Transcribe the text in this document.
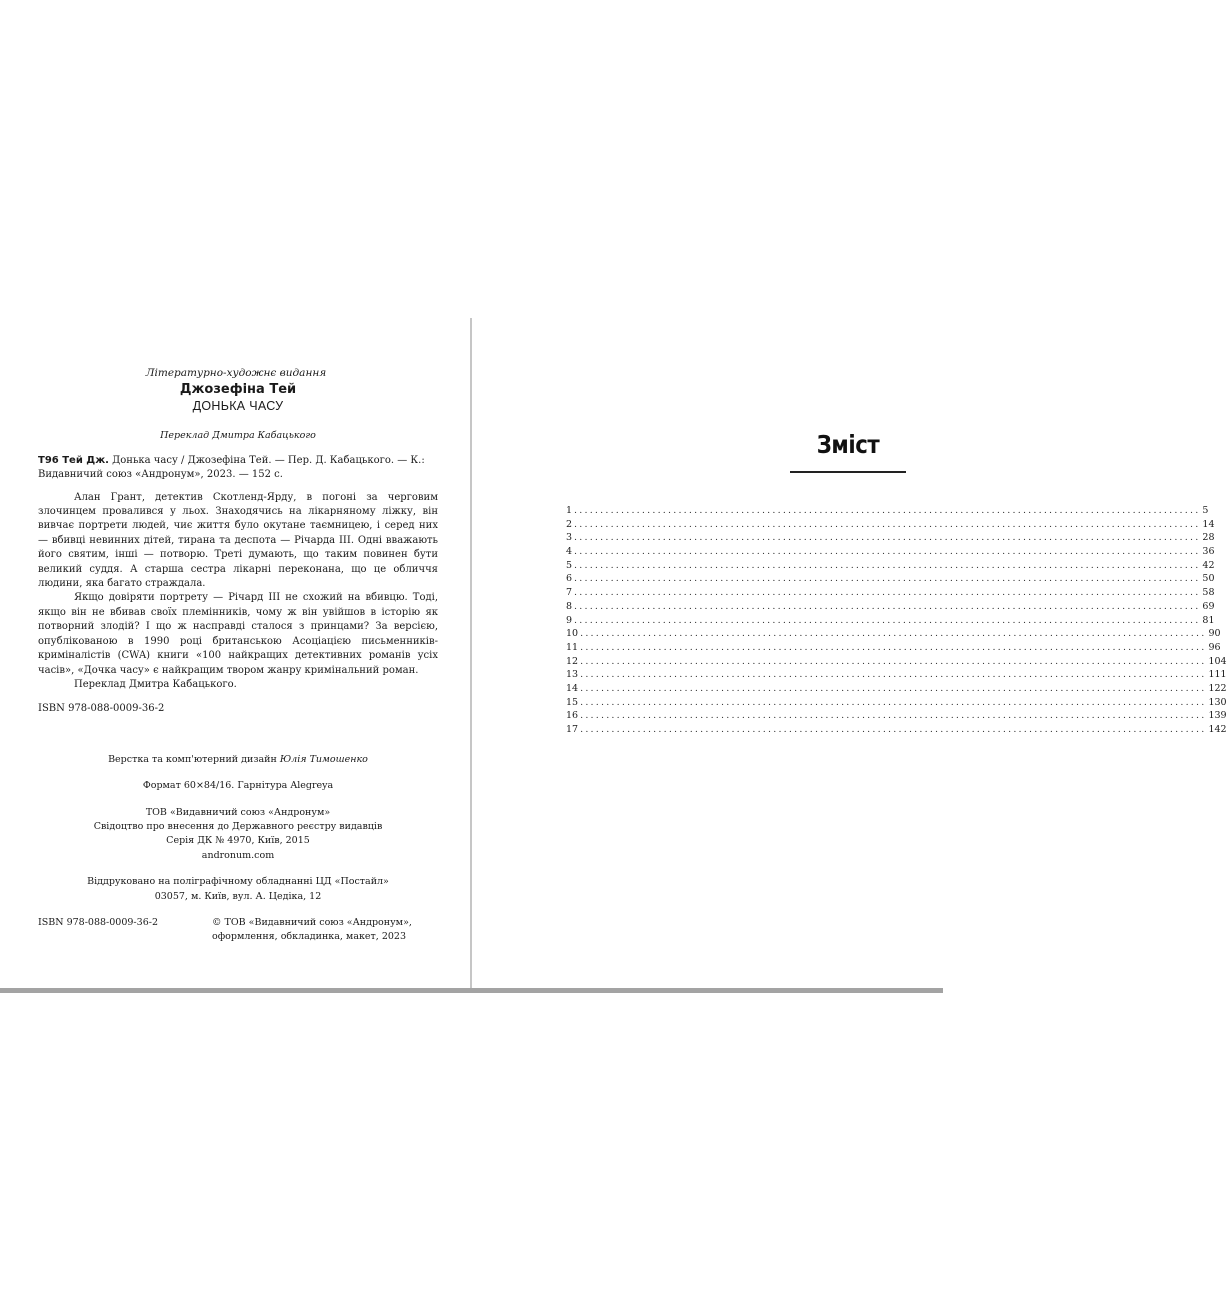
Літературно-художнє видання
Джозефіна Тей
ДОНЬКА ЧАСУ
Переклад Дмитра Кабацького
Т96 Тей Дж. Донька часу / Джозефіна Тей. — Пер. Д. Кабацького. — К.: Видавничий союз «Андронум», 2023. — 152 с.

Алан Грант, детектив Скотленд-Ярду, в погоні за черговим злочинцем провалився у льох. Знаходячись на лікарняному ліжку, він вивчає портрети людей, чиє життя було окутане таємницею, і серед них — вбивці невинних дітей, тирана та деспота — Річарда III. Одні вважають його святим, інші — потворю. Треті думають, що таким повинен бути великий суддя. А старша сестра лікарні переконана, що це обличчя людини, яка багато страждала.

Якщо довіряти портрету — Річард III не схожий на вбивцю. Тоді, якщо він не вбивав своїх племінників, чому ж він увійшов в історію як потворний злодій? І що ж насправді сталося з принцами? За версією, опублікованою в 1990 році британською Асоціацією письменників-криміналістів (CWA) книги «100 найкращих детективних романів усіх часів», «Дочка часу» є найкращим твором жанру кримінальний роман.

Переклад Дмитра Кабацького.

ISBN 978-088-0009-36-2

Верстка та комп'ютерний дизайн Юлія Тимошенко

Формат 60×84/16. Гарнітура Alegreya

ТОВ «Видавничий союз «Андронум»

Свідоцтво про внесення до Державного реєстру видавців

Серія ДК № 4970, Київ, 2015

andronum.com

Віддруковано на поліграфічному обладнанні ЦД «Постайл»

03057, м. Київ, вул. А. Цедіка, 12

ISBN 978-088-0009-36-2	© ТОВ «Видавничий союз «Андронум»,
оформлення, обкладинка, макет, 2023
Зміст
1 ........................................................................................................................ 5
2 ........................................................................................................................ 14
3 ........................................................................................................................ 28
4 ........................................................................................................................ 36
5 ........................................................................................................................ 42
6 ........................................................................................................................ 50
7 ........................................................................................................................ 58
8 ........................................................................................................................ 69
9 ........................................................................................................................ 81
10 ........................................................................................................................ 90
11 ........................................................................................................................ 96
12 ........................................................................................................................ 104
13 ........................................................................................................................ 111
14 ........................................................................................................................ 122
15 ........................................................................................................................ 130
16 ........................................................................................................................ 139
17 ........................................................................................................................ 142
